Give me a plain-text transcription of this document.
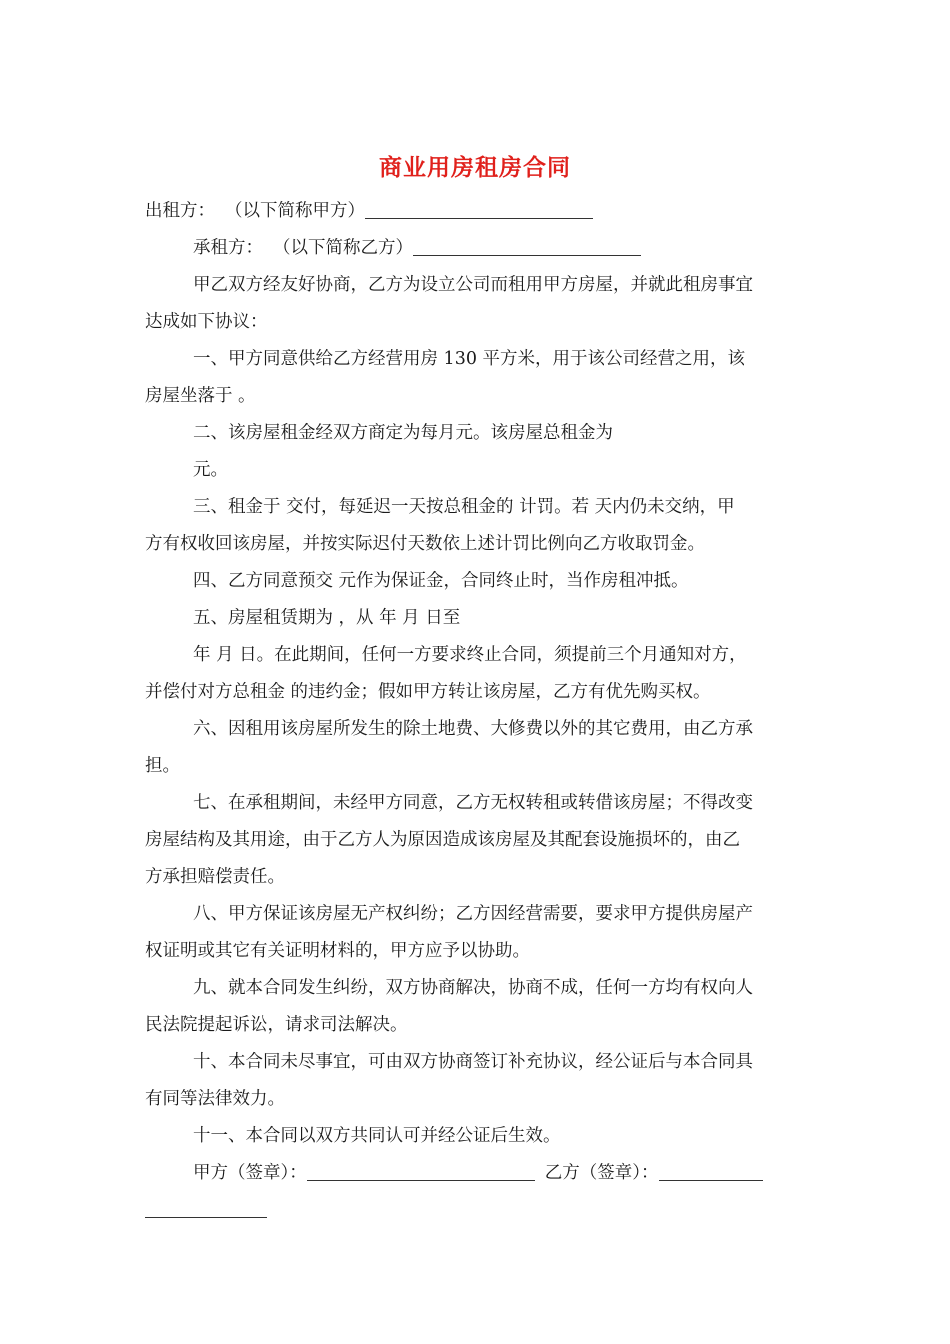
商业用房租房合同

出租方： （以下简称甲方）

承租方： （以下简称乙方）

甲乙双方经友好协商，乙方为设立公司而租用甲方房屋，并就此租房事宜

达成如下协议：

一、甲方同意供给乙方经营用房 130 平方米，用于该公司经营之用，该

房屋坐落于 。

二、该房屋租金经双方商定为每月元。该房屋总租金为

元。

三、租金于 交付，每延迟一天按总租金的 计罚。若 天内仍未交纳，甲

方有权收回该房屋，并按实际迟付天数依上述计罚比例向乙方收取罚金。

四、乙方同意预交 元作为保证金，合同终止时，当作房租冲抵。

五、房屋租赁期为 ，从 年 月 日至

年 月 日。在此期间，任何一方要求终止合同，须提前三个月通知对方，

并偿付对方总租金 的违约金；假如甲方转让该房屋，乙方有优先购买权。

六、因租用该房屋所发生的除土地费、大修费以外的其它费用，由乙方承

担。

七、在承租期间，未经甲方同意，乙方无权转租或转借该房屋；不得改变

房屋结构及其用途，由于乙方人为原因造成该房屋及其配套设施损坏的，由乙

方承担赔偿责任。

八、甲方保证该房屋无产权纠纷；乙方因经营需要，要求甲方提供房屋产

权证明或其它有关证明材料的，甲方应予以协助。

九、就本合同发生纠纷，双方协商解决，协商不成，任何一方均有权向人

民法院提起诉讼，请求司法解决。

十、本合同未尽事宜，可由双方协商签订补充协议，经公证后与本合同具

有同等法律效力。

十一、本合同以双方共同认可并经公证后生效。

甲方（签章）：	乙方（签章）：
